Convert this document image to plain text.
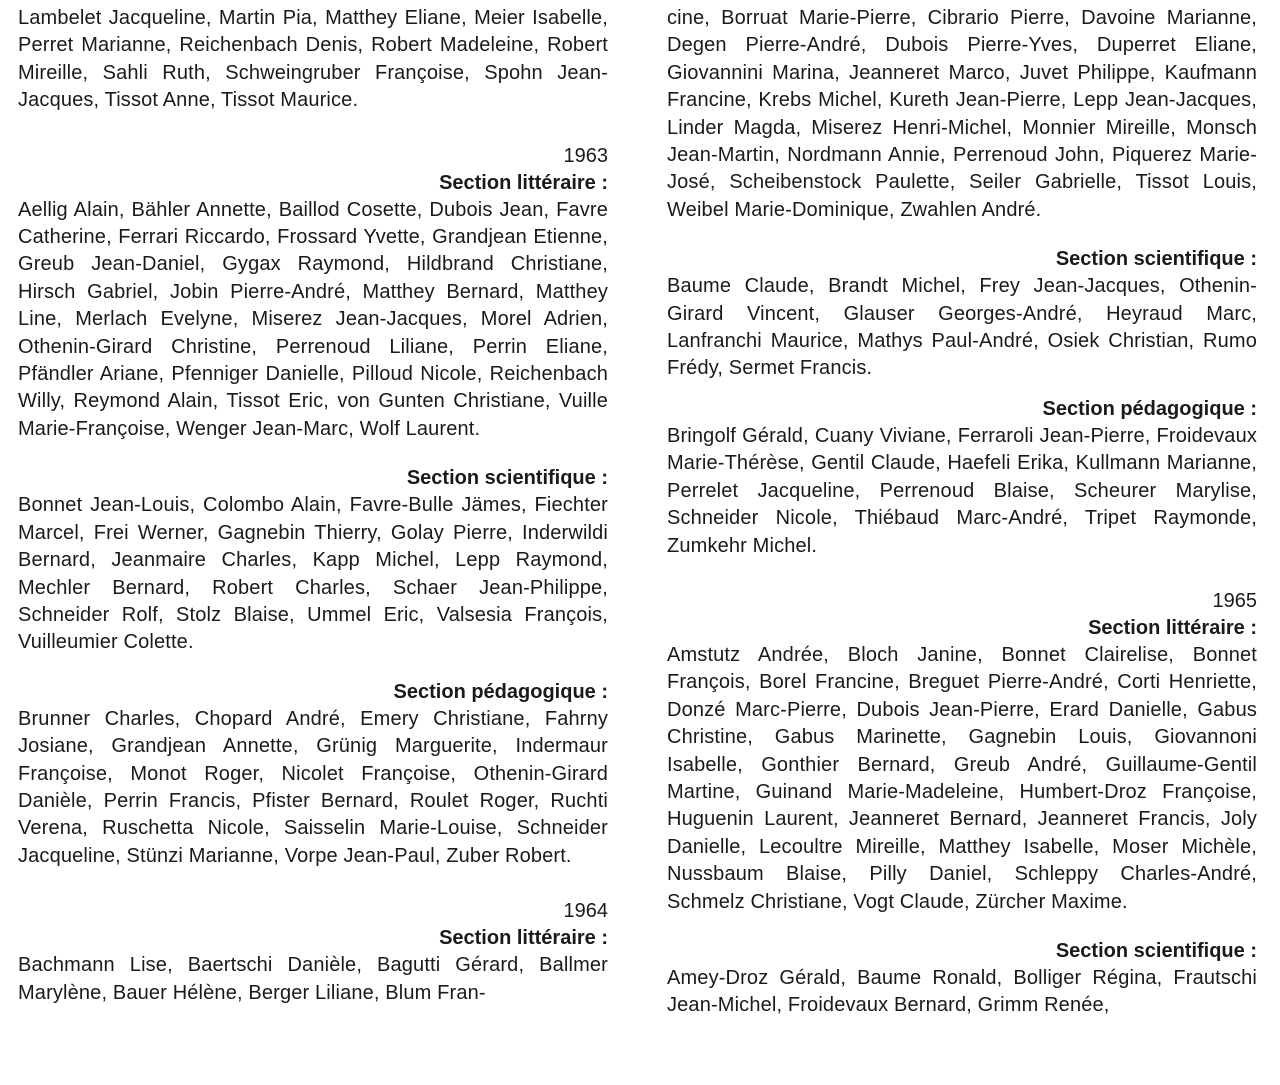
Lambelet Jacqueline, Martin Pia, Matthey Eliane, Meier Isabelle, Perret Marianne, Reichenbach Denis, Robert Madeleine, Robert Mireille, Sahli Ruth, Schweingruber Françoise, Spohn Jean-Jacques, Tissot Anne, Tissot Maurice.

1963
Section littéraire :

Aellig Alain, Bähler Annette, Baillod Cosette, Dubois Jean, Favre Catherine, Ferrari Riccardo, Frossard Yvette, Grandjean Etienne, Greub Jean-Daniel, Gygax Raymond, Hildbrand Christiane, Hirsch Gabriel, Jobin Pierre-André, Matthey Bernard, Matthey Line, Merlach Evelyne, Miserez Jean-Jacques, Morel Adrien, Othenin-Girard Christine, Perrenoud Liliane, Perrin Eliane, Pfändler Ariane, Pfenniger Danielle, Pilloud Nicole, Reichenbach Willy, Reymond Alain, Tissot Eric, von Gunten Christiane, Vuille Marie-Françoise, Wenger Jean-Marc, Wolf Laurent.

Section scientifique :

Bonnet Jean-Louis, Colombo Alain, Favre-Bulle Jämes, Fiechter Marcel, Frei Werner, Gagnebin Thierry, Golay Pierre, Inderwildi Bernard, Jeanmaire Charles, Kapp Michel, Lepp Raymond, Mechler Bernard, Robert Charles, Schaer Jean-Philippe, Schneider Rolf, Stolz Blaise, Ummel Eric, Valsesia François, Vuilleumier Colette.

Section pédagogique :

Brunner Charles, Chopard André, Emery Christiane, Fahrny Josiane, Grandjean Annette, Grünig Marguerite, Indermaur Françoise, Monot Roger, Nicolet Françoise, Othenin-Girard Danièle, Perrin Francis, Pfister Bernard, Roulet Roger, Ruchti Verena, Ruschetta Nicole, Saisselin Marie-Louise, Schneider Jacqueline, Stünzi Marianne, Vorpe Jean-Paul, Zuber Robert.

1964
Section littéraire :

Bachmann Lise, Baertschi Danièle, Bagutti Gérard, Ballmer Marylène, Bauer Hélène, Berger Liliane, Blum Fran-

cine, Borruat Marie-Pierre, Cibrario Pierre, Davoine Marianne, Degen Pierre-André, Dubois Pierre-Yves, Duperret Eliane, Giovannini Marina, Jeanneret Marco, Juvet Philippe, Kaufmann Francine, Krebs Michel, Kureth Jean-Pierre, Lepp Jean-Jacques, Linder Magda, Miserez Henri-Michel, Monnier Mireille, Monsch Jean-Martin, Nordmann Annie, Perrenoud John, Piquerez Marie-José, Scheibenstock Paulette, Seiler Gabrielle, Tissot Louis, Weibel Marie-Dominique, Zwahlen André.

Section scientifique :

Baume Claude, Brandt Michel, Frey Jean-Jacques, Othenin-Girard Vincent, Glauser Georges-André, Heyraud Marc, Lanfranchi Maurice, Mathys Paul-André, Osiek Christian, Rumo Frédy, Sermet Francis.

Section pédagogique :

Bringolf Gérald, Cuany Viviane, Ferraroli Jean-Pierre, Froidevaux Marie-Thérèse, Gentil Claude, Haefeli Erika, Kullmann Marianne, Perrelet Jacqueline, Perrenoud Blaise, Scheurer Marylise, Schneider Nicole, Thiébaud Marc-André, Tripet Raymonde, Zumkehr Michel.

1965
Section littéraire :

Amstutz Andrée, Bloch Janine, Bonnet Clairelise, Bonnet François, Borel Francine, Breguet Pierre-André, Corti Henriette, Donzé Marc-Pierre, Dubois Jean-Pierre, Erard Danielle, Gabus Christine, Gabus Marinette, Gagnebin Louis, Giovannoni Isabelle, Gonthier Bernard, Greub André, Guillaume-Gentil Martine, Guinand Marie-Madeleine, Humbert-Droz Françoise, Huguenin Laurent, Jeanneret Bernard, Jeanneret Francis, Joly Danielle, Lecoultre Mireille, Matthey Isabelle, Moser Michèle, Nussbaum Blaise, Pilly Daniel, Schleppy Charles-André, Schmelz Christiane, Vogt Claude, Zürcher Maxime.

Section scientifique :

Amey-Droz Gérald, Baume Ronald, Bolliger Régina, Frautschi Jean-Michel, Froidevaux Bernard, Grimm Renée,
